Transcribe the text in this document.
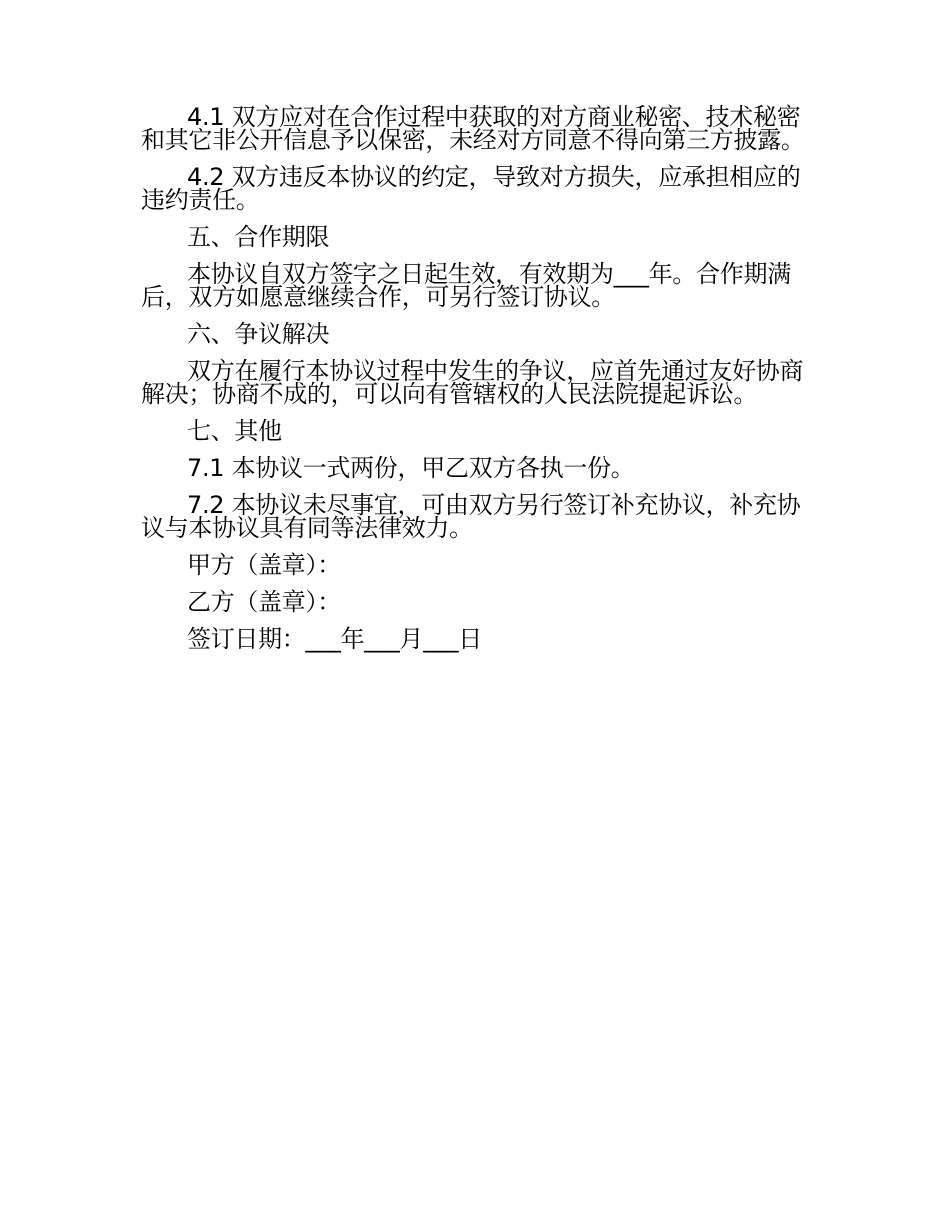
4.1 双方应对在合作过程中获取的对方商业秘密、技术秘密和其它非公开信息予以保密，未经对方同意不得向第三方披露。

4.2 双方违反本协议的约定，导致对方损失，应承担相应的违约责任。

五、合作期限

本协议自双方签字之日起生效，有效期为___年。合作期满后，双方如愿意继续合作，可另行签订协议。

六、争议解决

双方在履行本协议过程中发生的争议，应首先通过友好协商解决；协商不成的，可以向有管辖权的人民法院提起诉讼。

七、其他

7.1 本协议一式两份，甲乙双方各执一份。

7.2 本协议未尽事宜，可由双方另行签订补充协议，补充协议与本协议具有同等法律效力。

甲方（盖章）：

乙方（盖章）：

签订日期：___年___月___日
